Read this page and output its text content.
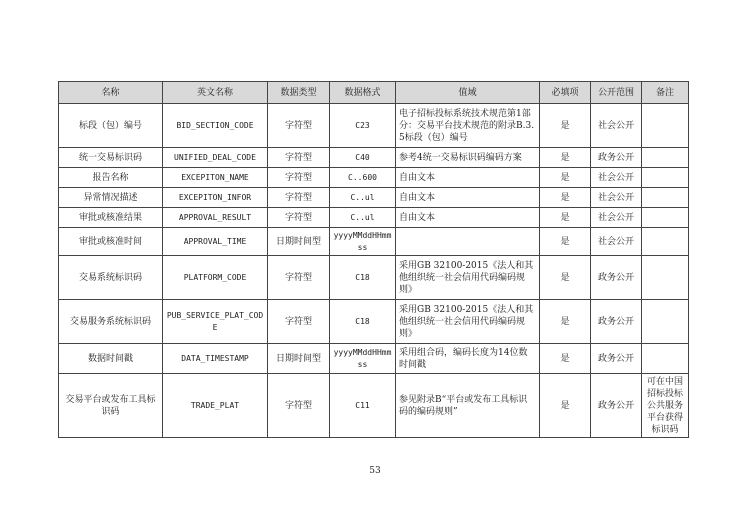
名称	英文名称	数据类型	数据格式	值域	必填项	公开范围	备注
标段（包）编号	BID_SECTION_CODE	字符型	C23	电子招标投标系统技术规范第1部分：交易平台技术规范的附录B.3.5标段（包）编号	是	社会公开	
统一交易标识码	UNIFIED_DEAL_CODE	字符型	C40	参考4统一交易标识码编码方案	是	政务公开	
报告名称	EXCEPITON_NAME	字符型	C..600	自由文本	是	社会公开	
异常情况描述	EXCEPITON_INFOR	字符型	C..ul	自由文本	是	社会公开	
审批或核准结果	APPROVAL_RESULT	字符型	C..ul	自由文本	是	社会公开	
审批或核准时间	APPROVAL_TIME	日期时间型	yyyyMMddHHmmss		是	社会公开	
交易系统标识码	PLATFORM_CODE	字符型	C18	采用GB 32100-2015《法人和其他组织统一社会信用代码编码规则》	是	政务公开	
交易服务系统标识码	PUB_SERVICE_PLAT_CODE	字符型	C18	采用GB 32100-2015《法人和其他组织统一社会信用代码编码规则》	是	政务公开	
数据时间戳	DATA_TIMESTAMP	日期时间型	yyyyMMddHHmmss	采用组合码，编码长度为14位数时间戳	是	政务公开	
交易平台或发布工具标识码	TRADE_PLAT	字符型	C11	参见附录B“平台或发布工具标识码的编码规则”	是	政务公开	可在中国招标投标公共服务平台获得标识码
53
